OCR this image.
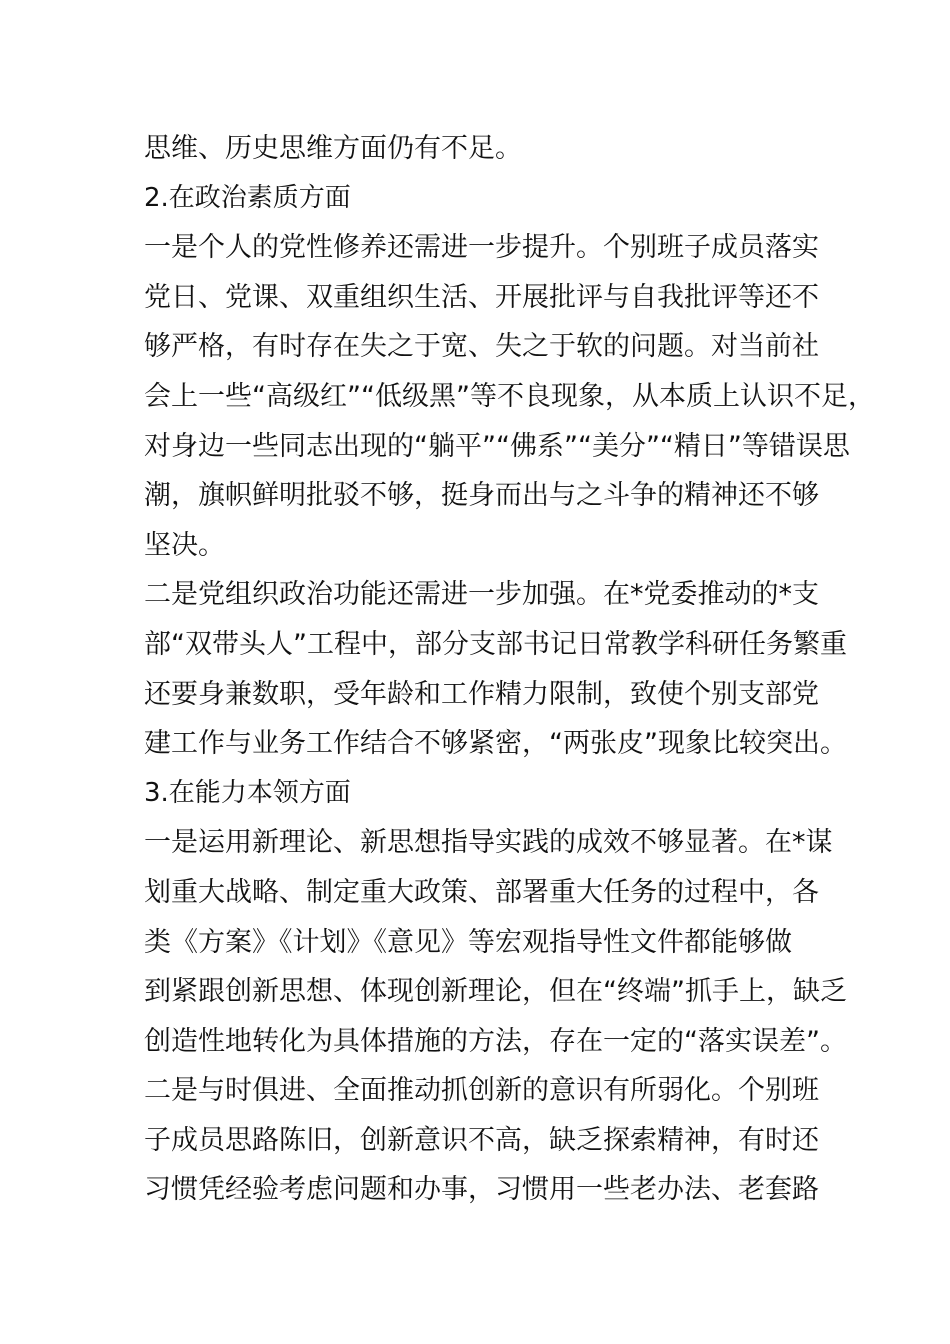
思维、历史思维方面仍有不足。
2.在政治素质方面
一是个人的党性修养还需进一步提升。个别班子成员落实
党日、党课、双重组织生活、开展批评与自我批评等还不
够严格，有时存在失之于宽、失之于软的问题。对当前社
会上一些“高级红”“低级黑”等不良现象，从本质上认识不足，
对身边一些同志出现的“躺平”“佛系”“美分”“精日”等错误思
潮，旗帜鲜明批驳不够，挺身而出与之斗争的精神还不够
坚决。
二是党组织政治功能还需进一步加强。在*党委推动的*支
部“双带头人”工程中，部分支部书记日常教学科研任务繁重
还要身兼数职，受年龄和工作精力限制，致使个别支部党
建工作与业务工作结合不够紧密，“两张皮”现象比较突出。
3.在能力本领方面
一是运用新理论、新思想指导实践的成效不够显著。在*谋
划重大战略、制定重大政策、部署重大任务的过程中，各
类《方案》《计划》《意见》等宏观指导性文件都能够做
到紧跟创新思想、体现创新理论，但在“终端”抓手上，缺乏
创造性地转化为具体措施的方法，存在一定的“落实误差”。
二是与时俱进、全面推动抓创新的意识有所弱化。个别班
子成员思路陈旧，创新意识不高，缺乏探索精神，有时还
习惯凭经验考虑问题和办事，习惯用一些老办法、老套路
